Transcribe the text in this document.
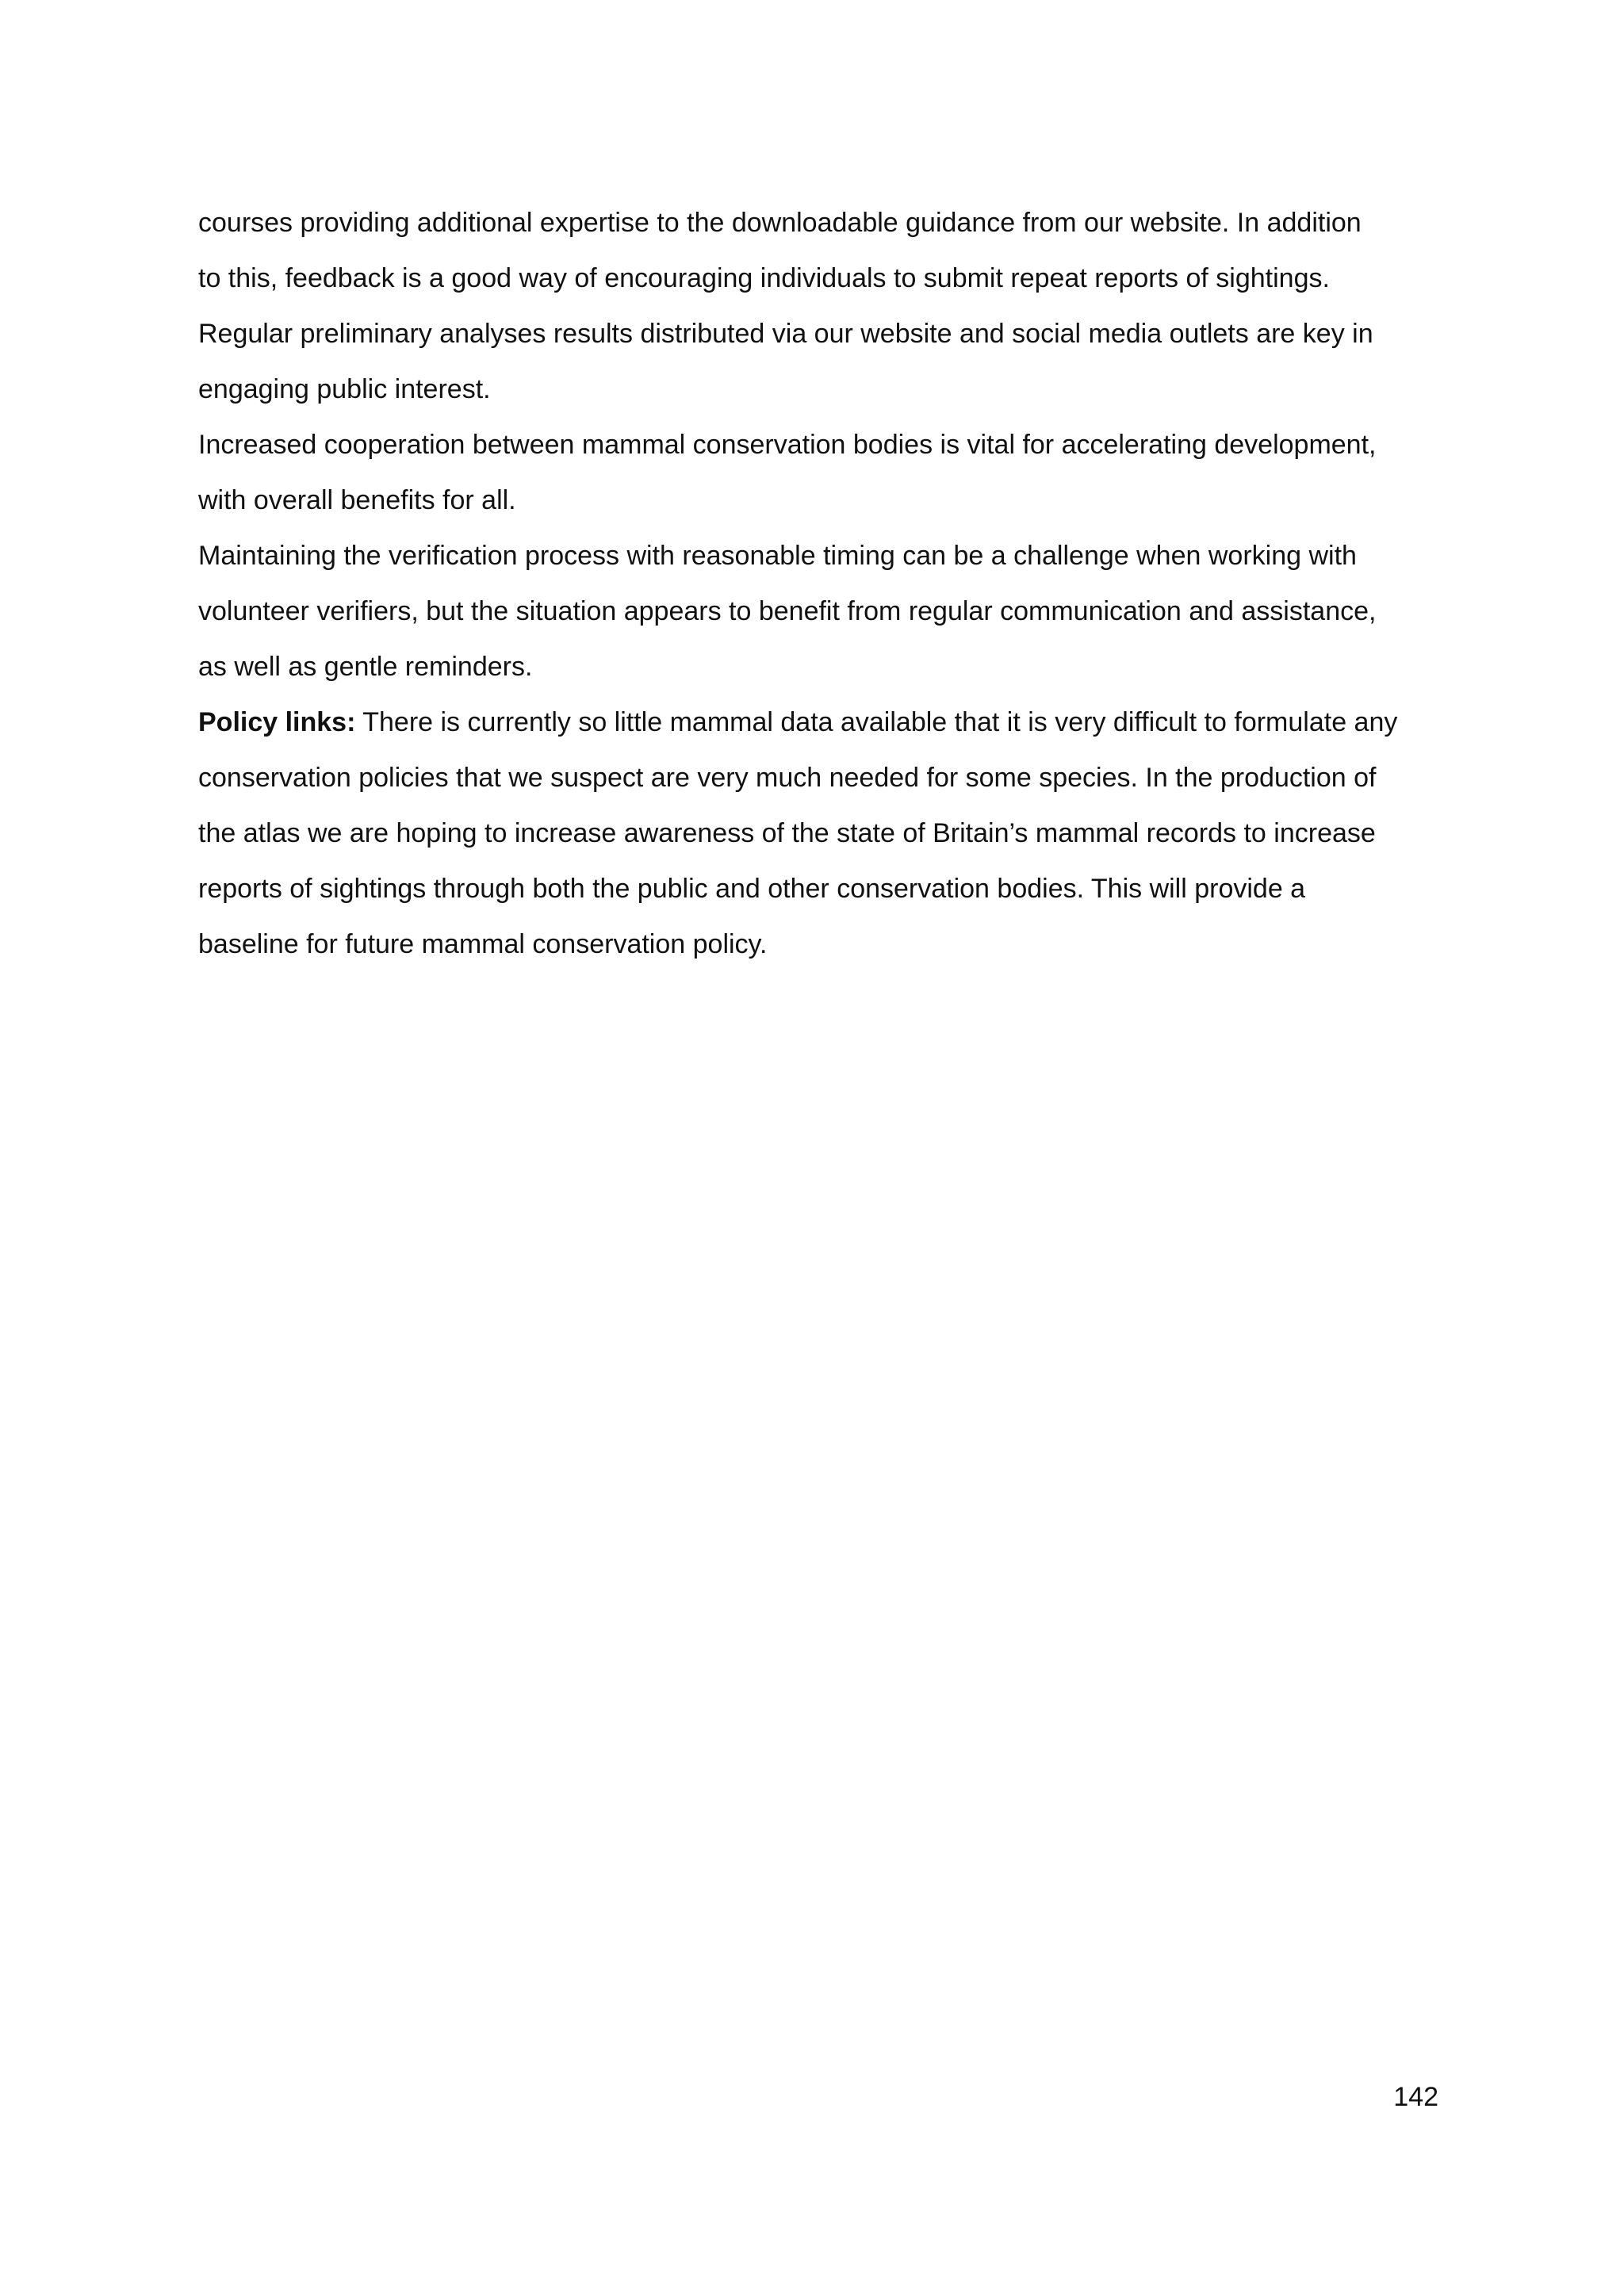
courses providing additional expertise to the downloadable guidance from our website. In addition
to this, feedback is a good way of encouraging individuals to submit repeat reports of sightings.
Regular preliminary analyses results distributed via our website and social media outlets are key in
engaging public interest.
Increased cooperation between mammal conservation bodies is vital for accelerating development,
with overall benefits for all.
Maintaining the verification process with reasonable timing can be a challenge when working with
volunteer verifiers, but the situation appears to benefit from regular communication and assistance,
as well as gentle reminders.
Policy links: There is currently so little mammal data available that it is very difficult to formulate any
conservation policies that we suspect are very much needed for some species. In the production of
the atlas we are hoping to increase awareness of the state of Britain’s mammal records to increase
reports of sightings through both the public and other conservation bodies. This will provide a
baseline for future mammal conservation policy.
142
